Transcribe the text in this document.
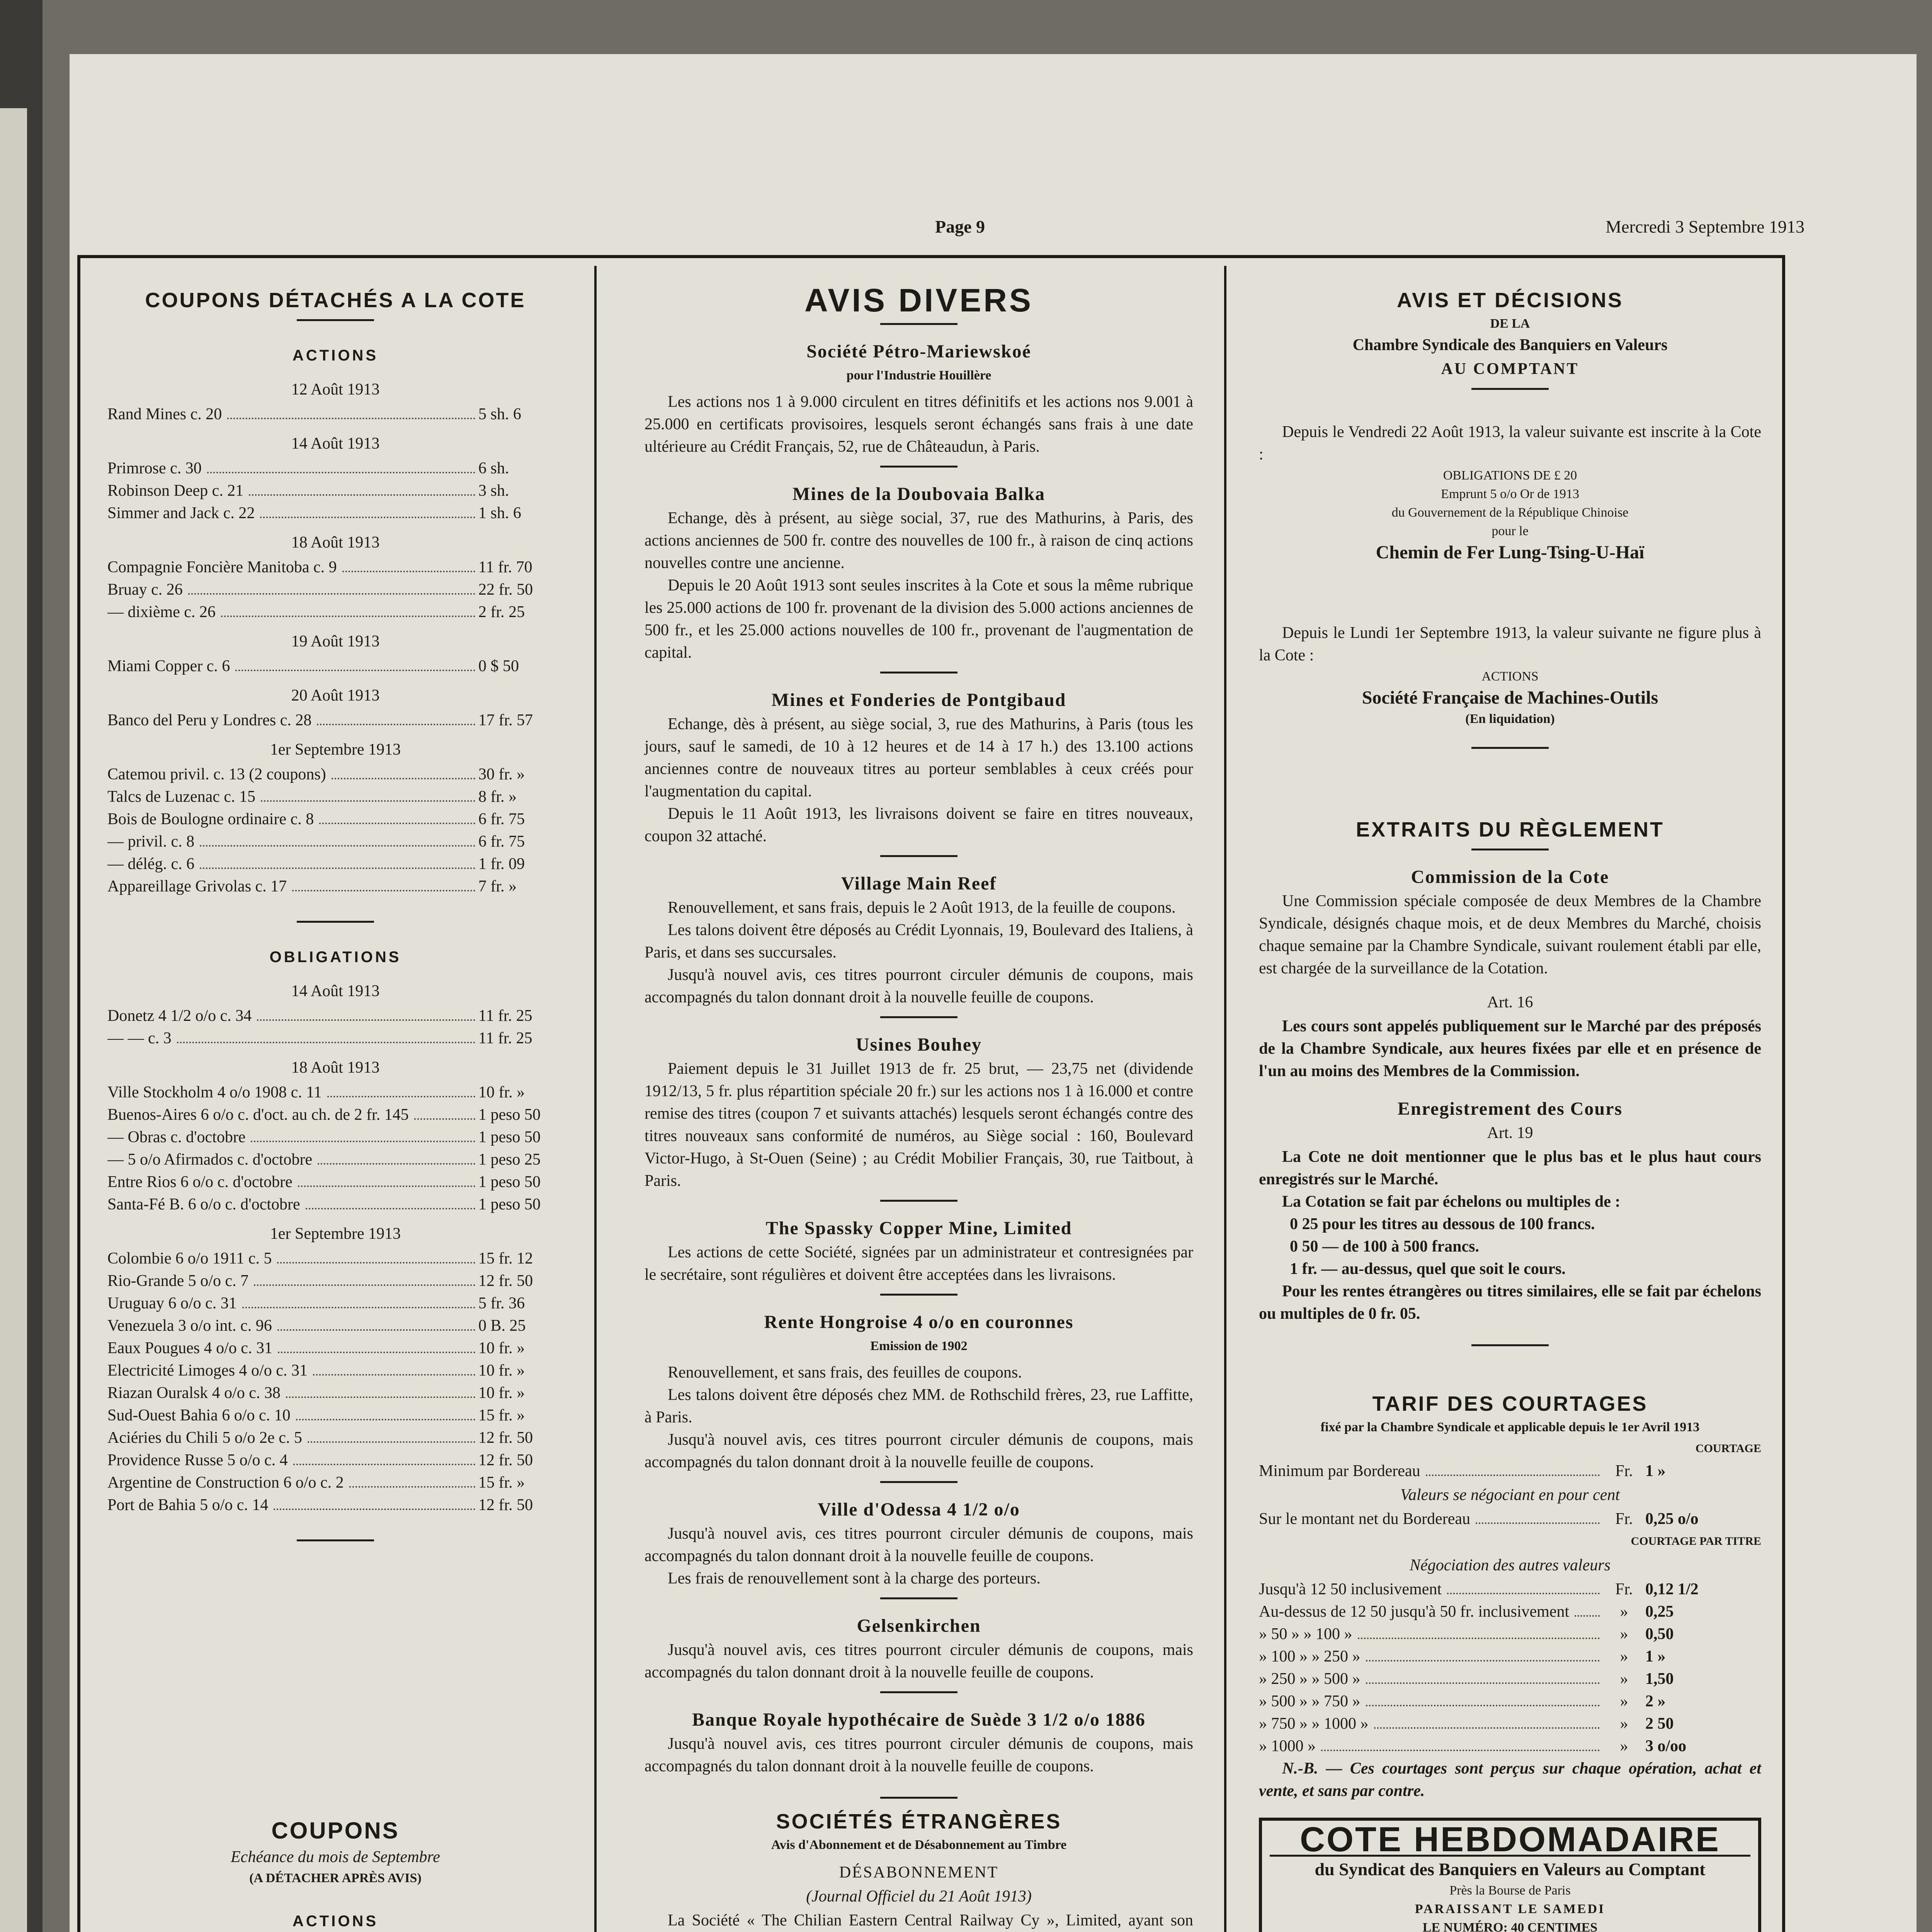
Page 9	Mercredi 3 Septembre 1913
COUPONS DÉTACHÉS A LA COTE
ACTIONS
12 Août 1913
Rand Mines c. 20	5 sh. 6
14 Août 1913
Primrose c. 30	6 sh.
Robinson Deep c. 21	3 sh.
Simmer and Jack c. 22	1 sh. 6
18 Août 1913
Compagnie Foncière Manitoba c. 9	11 fr. 70
Bruay c. 26	22 fr. 50
— dixième c. 26	2 fr. 25
19 Août 1913
Miami Copper c. 6	0 $ 50
20 Août 1913
Banco del Peru y Londres c. 28	17 fr. 57
1er Septembre 1913
Catemou privil. c. 13 (2 coupons)	30 fr. »
Talcs de Luzenac c. 15	8 fr. »
Bois de Boulogne ordinaire c. 8	6 fr. 75
— privil. c. 8	6 fr. 75
— délég. c. 6	1 fr. 09
Appareillage Grivolas c. 17	7 fr. »
OBLIGATIONS
14 Août 1913
Donetz 4 1/2 o/o c. 34	11 fr. 25
— — c. 3	11 fr. 25
18 Août 1913
Ville Stockholm 4 o/o 1908 c. 11	10 fr. »
Buenos-Aires 6 o/o c. d'oct. au ch. de 2 fr. 145	1 peso 50
— Obras c. d'octobre	1 peso 50
— 5 o/o Afirmados c. d'octobre	1 peso 25
Entre Rios 6 o/o c. d'octobre	1 peso 50
Santa-Fé B. 6 o/o c. d'octobre	1 peso 50
1er Septembre 1913
Colombie 6 o/o 1911 c. 5	15 fr. 12
Rio-Grande 5 o/o c. 7	12 fr. 50
Uruguay 6 o/o c. 31	5 fr. 36
Venezuela 3 o/o int. c. 96	0 B. 25
Eaux Pougues 4 o/o c. 31	10 fr. »
Electricité Limoges 4 o/o c. 31	10 fr. »
Riazan Ouralsk 4 o/o c. 38	10 fr. »
Sud-Ouest Bahia 6 o/o c. 10	15 fr. »
Aciéries du Chili 5 o/o 2e c. 5	12 fr. 50
Providence Russe 5 o/o c. 4	12 fr. 50
Argentine de Construction 6 o/o c. 2	15 fr. »
Port de Bahia 5 o/o c. 14	12 fr. 50
COUPONS
Echéance du mois de Septembre
(A DÉTACHER APRÈS AVIS)
ACTIONS
AVIS DIVERS
Société Pétro-Mariewskoé
pour l'Industrie Houillère

Les actions nos 1 à 9.000 circulent en titres définitifs et les actions nos 9.001 à 25.000 en certificats provisoires, lesquels seront échangés sans frais à une date ultérieure au Crédit Français, 52, rue de Châteaudun, à Paris.

Mines de la Doubovaia Balka

Echange, dès à présent, au siège social, 37, rue des Mathurins, à Paris, des actions anciennes de 500 fr. contre des nouvelles de 100 fr., à raison de cinq actions nouvelles contre une ancienne.

Depuis le 20 Août 1913 sont seules inscrites à la Cote et sous la même rubrique les 25.000 actions de 100 fr. provenant de la division des 5.000 actions anciennes de 500 fr., et les 25.000 actions nouvelles de 100 fr., provenant de l'augmentation de capital.

Mines et Fonderies de Pontgibaud

Echange, dès à présent, au siège social, 3, rue des Mathurins, à Paris (tous les jours, sauf le samedi, de 10 à 12 heures et de 14 à 17 h.) des 13.100 actions anciennes contre de nouveaux titres au porteur semblables à ceux créés pour l'augmentation du capital.

Depuis le 11 Août 1913, les livraisons doivent se faire en titres nouveaux, coupon 32 attaché.

Village Main Reef

Renouvellement, et sans frais, depuis le 2 Août 1913, de la feuille de coupons.

Les talons doivent être déposés au Crédit Lyonnais, 19, Boulevard des Italiens, à Paris, et dans ses succursales.

Jusqu'à nouvel avis, ces titres pourront circuler démunis de coupons, mais accompagnés du talon donnant droit à la nouvelle feuille de coupons.

Usines Bouhey

Paiement depuis le 31 Juillet 1913 de fr. 25 brut, — 23,75 net (dividende 1912/13, 5 fr. plus répartition spéciale 20 fr.) sur les actions nos 1 à 16.000 et contre remise des titres (coupon 7 et suivants attachés) lesquels seront échangés contre des titres nouveaux sans conformité de numéros, au Siège social : 160, Boulevard Victor-Hugo, à St-Ouen (Seine) ; au Crédit Mobilier Français, 30, rue Taitbout, à Paris.

The Spassky Copper Mine, Limited

Les actions de cette Société, signées par un administrateur et contresignées par le secrétaire, sont régulières et doivent être acceptées dans les livraisons.

Rente Hongroise 4 o/o en couronnes
Emission de 1902

Renouvellement, et sans frais, des feuilles de coupons.

Les talons doivent être déposés chez MM. de Rothschild frères, 23, rue Laffitte, à Paris.

Jusqu'à nouvel avis, ces titres pourront circuler démunis de coupons, mais accompagnés du talon donnant droit à la nouvelle feuille de coupons.

Ville d'Odessa 4 1/2 o/o

Jusqu'à nouvel avis, ces titres pourront circuler démunis de coupons, mais accompagnés du talon donnant droit à la nouvelle feuille de coupons.

Les frais de renouvellement sont à la charge des porteurs.

Gelsenkirchen

Jusqu'à nouvel avis, ces titres pourront circuler démunis de coupons, mais accompagnés du talon donnant droit à la nouvelle feuille de coupons.

Banque Royale hypothécaire de Suède 3 1/2 o/o 1886

Jusqu'à nouvel avis, ces titres pourront circuler démunis de coupons, mais accompagnés du talon donnant droit à la nouvelle feuille de coupons.

SOCIÉTÉS ÉTRANGÈRES
Avis d'Abonnement et de Désabonnement au Timbre
DÉSABONNEMENT
(Journal Officiel du 21 Août 1913)

La Société « The Chilian Eastern Central Railway Cy », Limited, ayant son

AVIS ET DÉCISIONS
DE LA
Chambre Syndicale des Banquiers en Valeurs
AU COMPTANT

Depuis le Vendredi 22 Août 1913, la valeur suivante est inscrite à la Cote :

OBLIGATIONS DE £ 20
Emprunt 5 o/o Or de 1913
du Gouvernement de la République Chinoise
pour le
Chemin de Fer Lung-Tsing-U-Haï

Depuis le Lundi 1er Septembre 1913, la valeur suivante ne figure plus à la Cote :

ACTIONS
Société Française de Machines-Outils
(En liquidation)
EXTRAITS DU RÈGLEMENT
Commission de la Cote

Une Commission spéciale composée de deux Membres de la Chambre Syndicale, désignés chaque mois, et de deux Membres du Marché, choisis chaque semaine par la Chambre Syndicale, suivant roulement établi par elle, est chargée de la surveillance de la Cotation.

Art. 16

Les cours sont appelés publiquement sur le Marché par des préposés de la Chambre Syndicale, aux heures fixées par elle et en présence de l'un au moins des Membres de la Commission.

Enregistrement des Cours
Art. 19

La Cote ne doit mentionner que le plus bas et le plus haut cours enregistrés sur le Marché.

La Cotation se fait par échelons ou multiples de :

0 25 pour les titres au dessous de 100 francs.
0 50 — de 100 à 500 francs.
1 fr. — au-dessus, quel que soit le cours.

Pour les rentes étrangères ou titres similaires, elle se fait par échelons ou multiples de 0 fr. 05.

TARIF DES COURTAGES
fixé par la Chambre Syndicale et applicable depuis le 1er Avril 1913
COURTAGE
Minimum par Bordereau	Fr. 1 »
Valeurs se négociant en pour cent
Sur le montant net du Bordereau	Fr. 0,25 o/o
COURTAGE PAR TITRE
Négociation des autres valeurs
Jusqu'à 12 50 inclusivement	Fr. 0,12 1/2
Au-dessus de 12 50 jusqu'à 50 fr. inclusivement	»	0,25
» 50 » » 100 »	»	0,50
» 100 » » 250 »	»	1 »
» 250 » » 500 »	»	1,50
» 500 » » 750 »	»	2 »
» 750 » » 1000 »	»	2 50
» 1000 »	»	3 o/oo

N.-B. — Ces courtages sont perçus sur chaque opération, achat et vente, et sans par contre.

COTE HEBDOMADAIRE
du Syndicat des Banquiers en Valeurs au Comptant
Près la Bourse de Paris
PARAISSANT LE SAMEDI
LE NUMÉRO: 40 CENTIMES
